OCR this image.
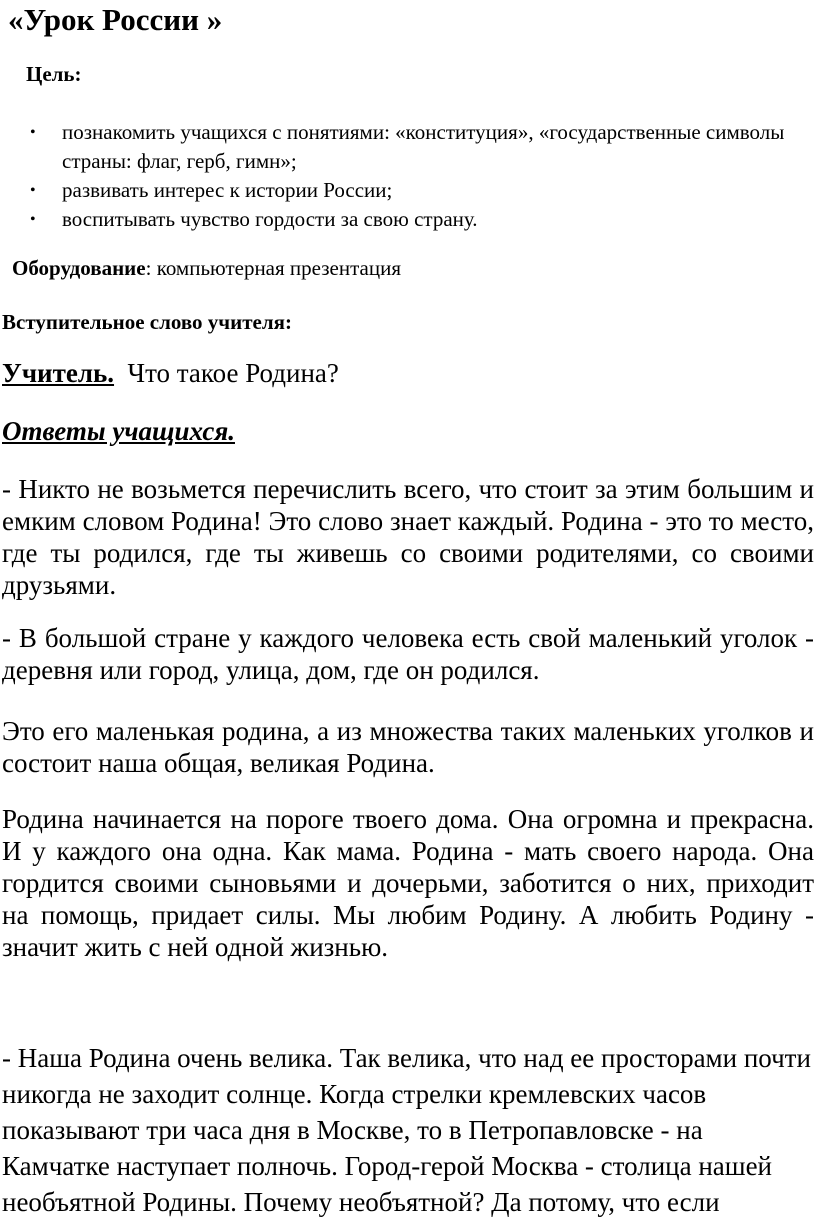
«Урок России »
Цель:
• познакомить учащихся с понятиями: «конституция», «государственные символы страны: флаг, герб, гимн»;
• развивать интерес к истории России;
• воспитывать чувство гордости за свою страну.
Оборудование: компьютерная презентация
Вступительное слово учителя:
Учитель. Что такое Родина?
Ответы учащихся.

- Никто не возьмется перечислить всего, что стоит за этим большим и емким словом Родина! Это слово знает каждый. Родина - это то место, где ты родился, где ты живешь со своими родителями, со своими друзьями.

- В большой стране у каждого человека есть свой маленький уголок - деревня или город, улица, дом, где он родился.

Это его маленькая родина, а из множества таких маленьких уголков и состоит наша общая, великая Родина.

Родина начинается на пороге твоего дома. Она огромна и прекрасна. И у каждого она одна. Как мама. Родина - мать своего народа. Она гордится своими сыновьями и дочерьми, заботится о них, приходит на помощь, придает силы. Мы любим Родину. А любить Родину - значит жить с ней одной жизнью.

- Наша Родина очень велика. Так велика, что над ее просторами почти никогда не заходит солнце. Когда стрелки кремлевских часов показывают три часа дня в Москве, то в Петропавловске - на Камчатке наступает полночь. Город-герой Москва - столица нашей необъятной Родины. Почему необъятной? Да потому, что если
